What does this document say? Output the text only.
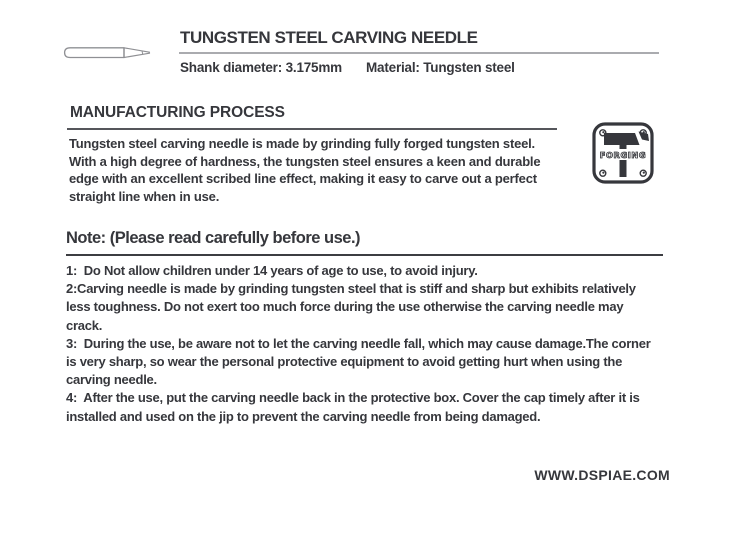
TUNGSTEN STEEL CARVING NEEDLE
Shank diameter: 3.175mm Material: Tungsten steel
MANUFACTURING PROCESS
Tungsten steel carving needle is made by grinding fully forged tungsten steel.
With a high degree of hardness, the tungsten steel ensures a keen and durable
edge with an excellent scribed line effect, making it easy to carve out a perfect
straight line when in use.
FORGING
Note: (Please read carefully before use.)
1:  Do Not allow children under 14 years of age to use, to avoid injury.
2:Carving needle is made by grinding tungsten steel that is stiff and sharp but exhibits relatively
less toughness. Do not exert too much force during the use otherwise the carving needle may
crack.
3:  During the use, be aware not to let the carving needle fall, which may cause damage.The corner
is very sharp, so wear the personal protective equipment to avoid getting hurt when using the
carving needle.
4:  After the use, put the carving needle back in the protective box. Cover the cap timely after it is
installed and used on the jip to prevent the carving needle from being damaged.
WWW.DSPIAE.COM
